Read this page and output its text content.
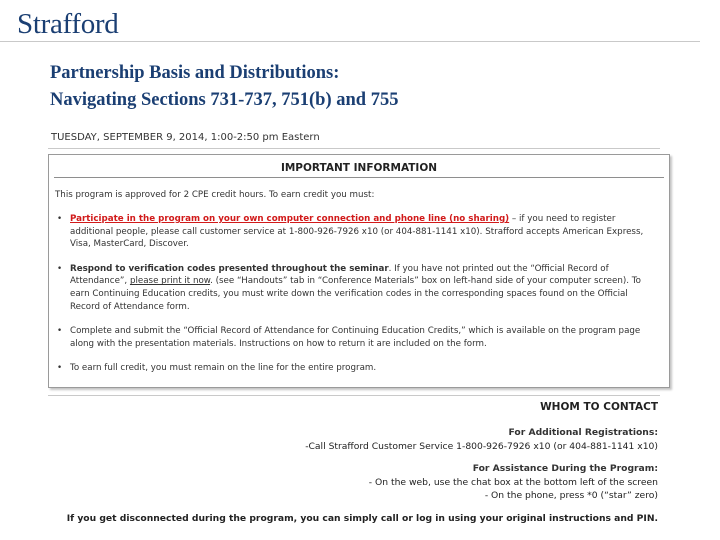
Strafford
Partnership Basis and Distributions:
Navigating Sections 731-737, 751(b) and 755
TUESDAY, SEPTEMBER 9, 2014, 1:00-2:50 pm Eastern
IMPORTANT INFORMATION
This program is approved for 2 CPE credit hours. To earn credit you must:
• Participate in the program on your own computer connection and phone line (no sharing) – if you need to register additional people, please call customer service at 1-800-926-7926 x10 (or 404-881-1141 x10). Strafford accepts American Express, Visa, MasterCard, Discover.
• Respond to verification codes presented throughout the seminar. If you have not printed out the “Official Record of Attendance”, please print it now. (see “Handouts” tab in “Conference Materials” box on left-hand side of your computer screen). To earn Continuing Education credits, you must write down the verification codes in the corresponding spaces found on the Official Record of Attendance form.
• Complete and submit the “Official Record of Attendance for Continuing Education Credits,” which is available on the program page along with the presentation materials. Instructions on how to return it are included on the form.
• To earn full credit, you must remain on the line for the entire program.
WHOM TO CONTACT
For Additional Registrations:
-Call Strafford Customer Service 1-800-926-7926 x10 (or 404-881-1141 x10)
For Assistance During the Program:
- On the web, use the chat box at the bottom left of the screen
- On the phone, press *0 (“star” zero)
If you get disconnected during the program, you can simply call or log in using your original instructions and PIN.
